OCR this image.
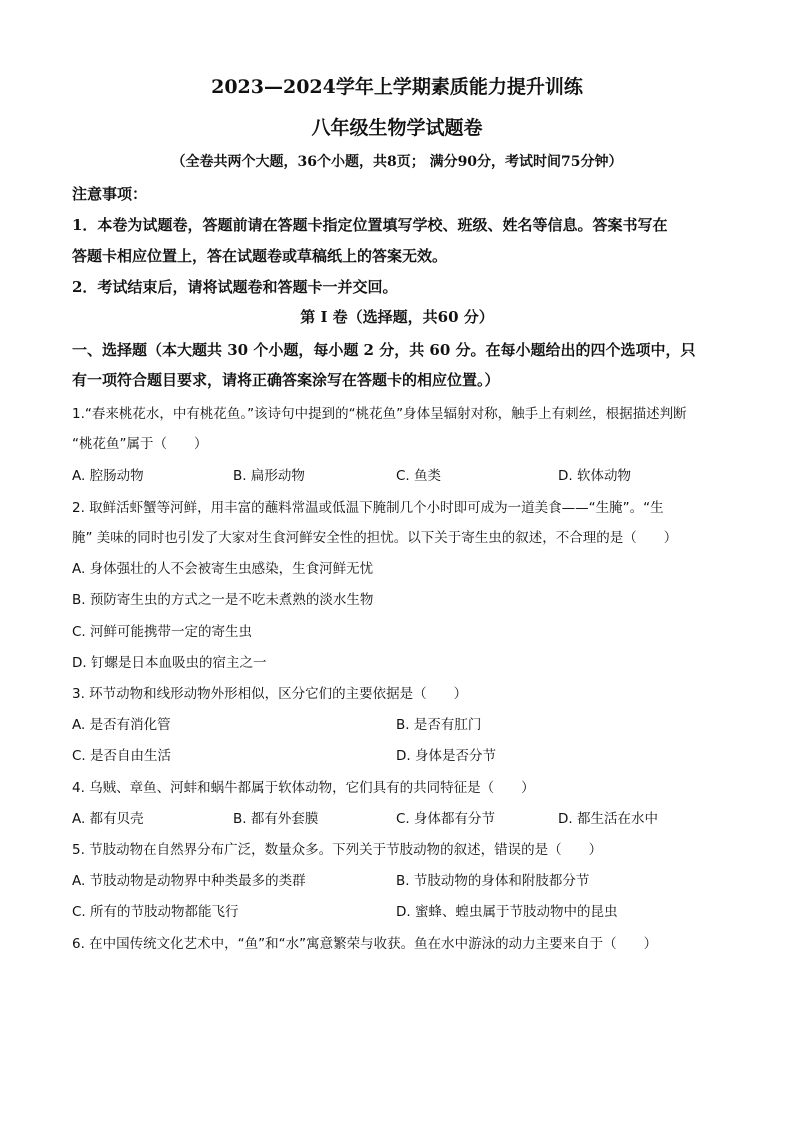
2023—2024学年上学期素质能力提升训练
八年级生物学试题卷
（全卷共两个大题，36个小题，共8页； 满分90分，考试时间75分钟）
注意事项：
1．本卷为试题卷，答题前请在答题卡指定位置填写学校、班级、姓名等信息。答案书写在
答题卡相应位置上，答在试题卷或草稿纸上的答案无效。
2．考试结束后，请将试题卷和答题卡一并交回。
第 I 卷（选择题，共60 分）
一、选择题（本大题共 30 个小题，每小题 2 分，共 60 分。在每小题给出的四个选项中，只
有一项符合题目要求，请将正确答案涂写在答题卡的相应位置。）
1.“春来桃花水，中有桃花鱼。”该诗句中提到的“桃花鱼”身体呈辐射对称，触手上有刺丝，根据描述判断
“桃花鱼”属于（　　）
A. 腔肠动物	B. 扁形动物	C. 鱼类	D. 软体动物
2. 取鲜活虾蟹等河鲜，用丰富的蘸料常温或低温下腌制几个小时即可成为一道美食——“生腌”。“生
腌” 美味的同时也引发了大家对生食河鲜安全性的担忧。以下关于寄生虫的叙述，不合理的是（　　）
A. 身体强壮的人不会被寄生虫感染，生食河鲜无忧
B. 预防寄生虫的方式之一是不吃未煮熟的淡水生物
C. 河鲜可能携带一定的寄生虫
D. 钉螺是日本血吸虫的宿主之一
3. 环节动物和线形动物外形相似，区分它们的主要依据是（　　）
A. 是否有消化管	B. 是否有肛门
C. 是否自由生活	D. 身体是否分节
4. 乌贼、章鱼、河蚌和蜗牛都属于软体动物，它们具有的共同特征是（　　）
A. 都有贝壳	B. 都有外套膜	C. 身体都有分节	D. 都生活在水中
5. 节肢动物在自然界分布广泛，数量众多。下列关于节肢动物的叙述，错误的是（　　）
A. 节肢动物是动物界中种类最多的类群	B. 节肢动物的身体和附肢都分节
C. 所有的节肢动物都能飞行	D. 蜜蜂、蝗虫属于节肢动物中的昆虫
6. 在中国传统文化艺术中，“鱼”和“水”寓意繁荣与收获。鱼在水中游泳的动力主要来自于（　　）
